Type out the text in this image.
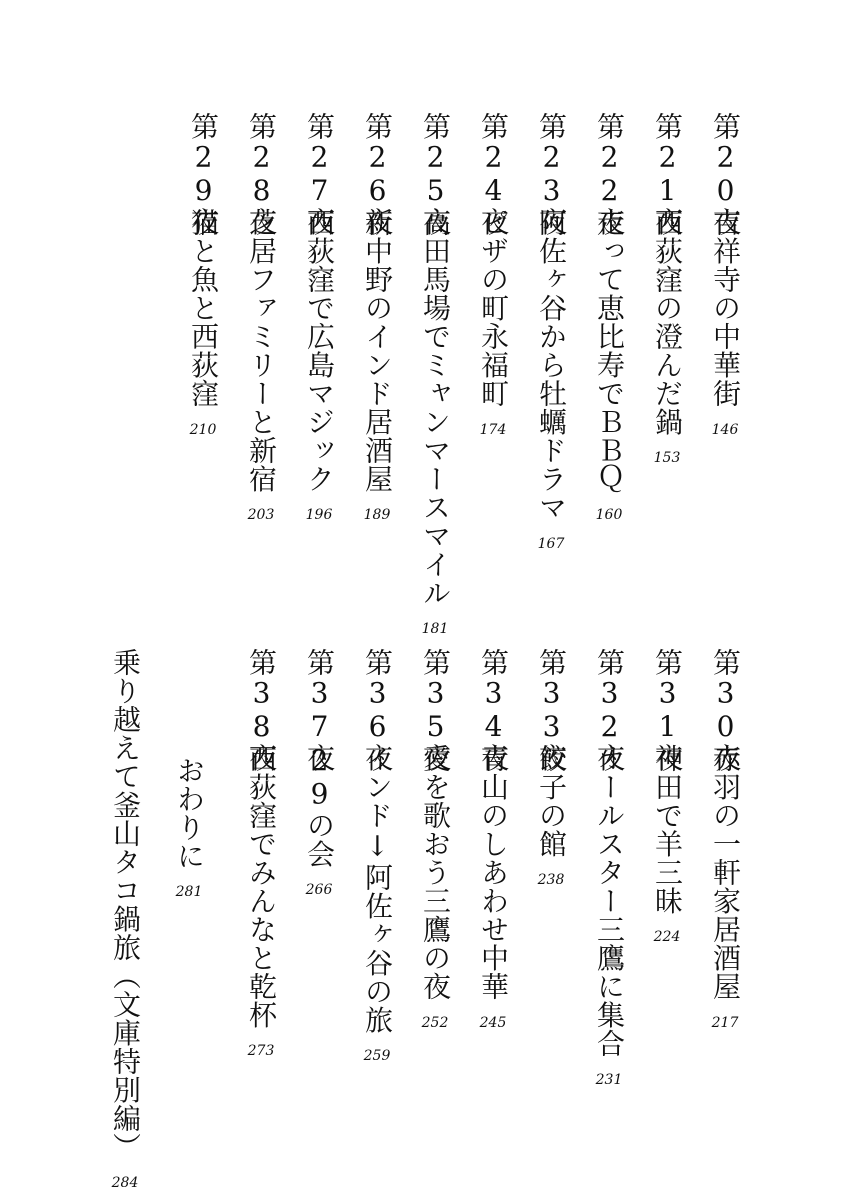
第20夜
吉祥寺の中華街
146
第21夜
西荻窪の澄んだ鍋
153
第22夜
走って恵比寿でＢＢＱ
160
第23夜
阿佐ヶ谷から牡蠣ドラマ
167
第24夜
ピザの町永福町
174
第25夜
高田馬場でミャンマースマイル
181
第26夜
新中野のインド居酒屋
189
第27夜
西荻窪で広島マジック
196
第28夜
芝居ファミリーと新宿
203
第29夜
猫と魚と西荻窪
210
第30夜
赤羽の一軒家居酒屋
217
第31夜
神田で羊三昧
224
第32夜
オールスター三鷹に集合
231
第33夜
餃子の館
238
第34夜
青山のしあわせ中華
245
第35夜
愛を歌おう三鷹の夜
252
第36夜
インド↓阿佐ヶ谷の旅
259
第37夜
29の会
266
第38夜
西荻窪でみんなと乾杯
273
おわりに
281
乗り越えて釜山タコ鍋旅（文庫特別編）
284
